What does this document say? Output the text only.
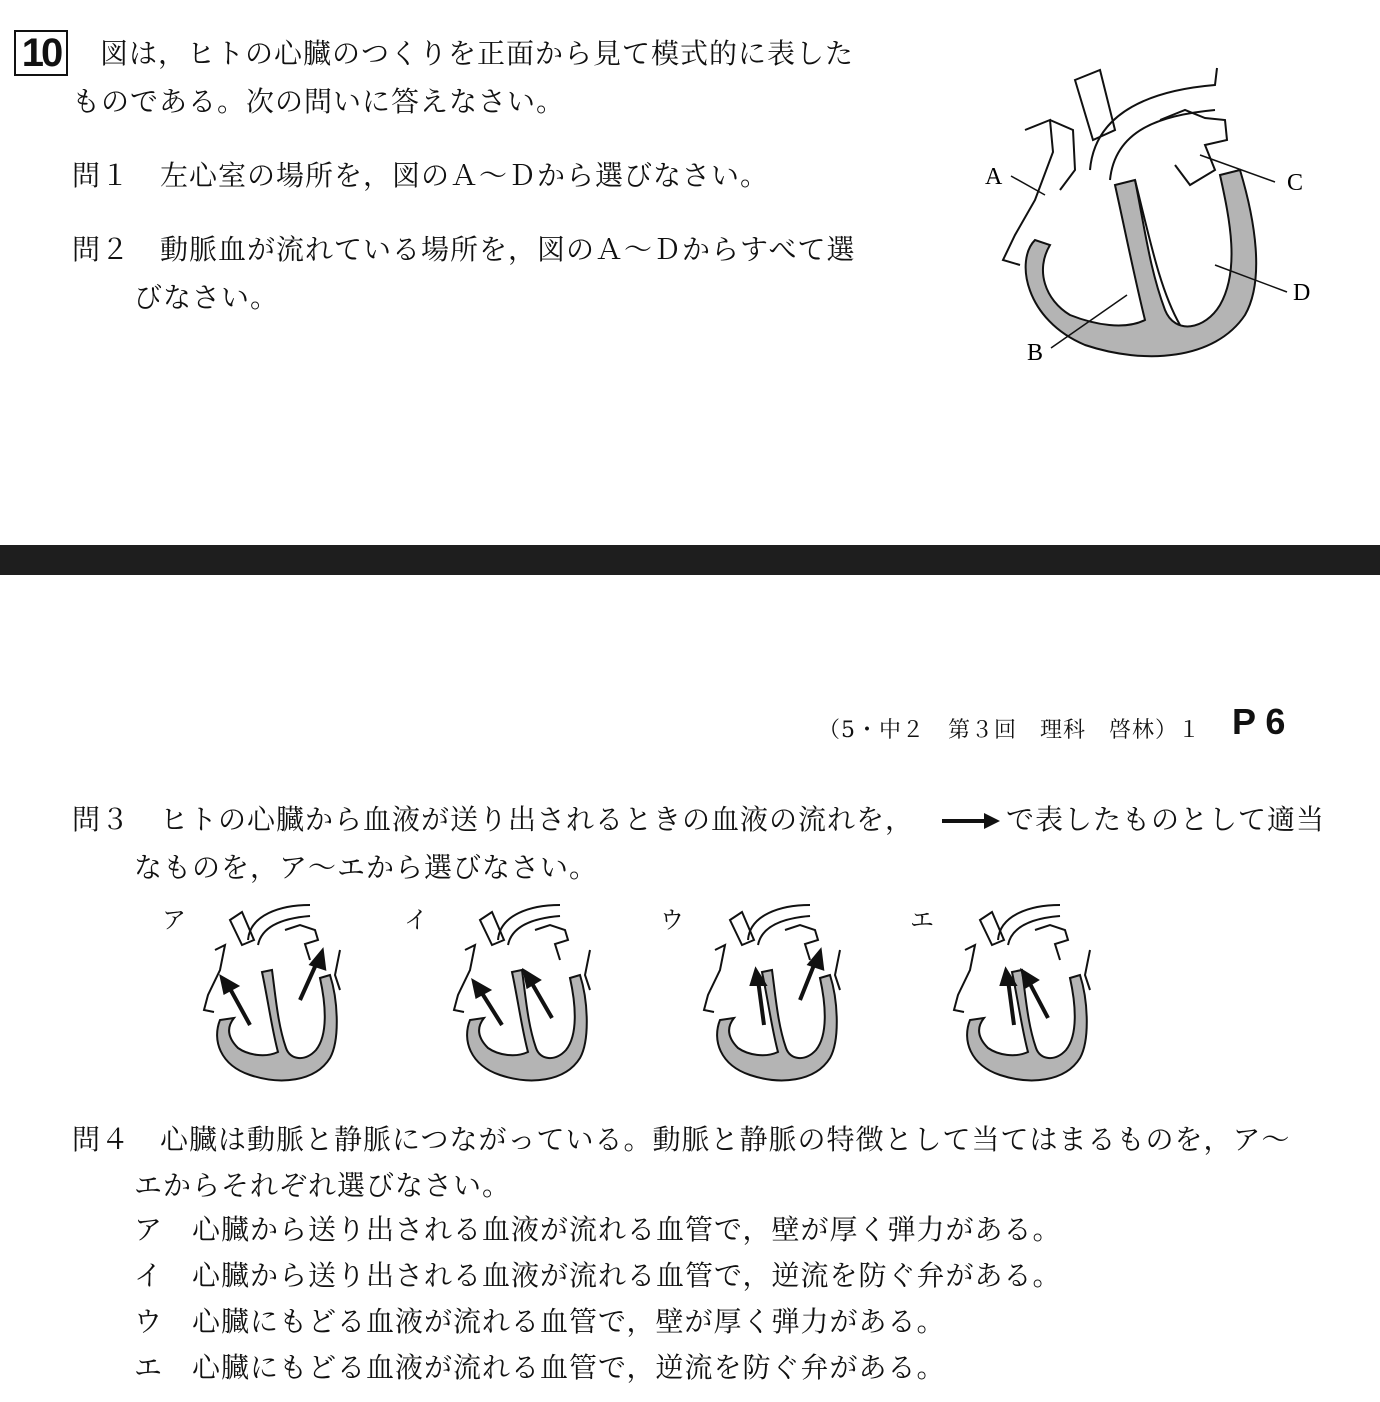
10 図は，ヒトの心臓のつくりを正面から見て模式的に表した
ものである。次の問いに答えなさい。
問１ 左心室の場所を，図のＡ～Ｄから選びなさい。
問２ 動脈血が流れている場所を，図のＡ～Ｄからすべて選
びなさい。
A
B
C
D
（5・中２　第３回　理科　啓林）１ P 6
問３ ヒトの心臓から血液が送り出されるときの血液の流れを，	で表したものとして適当
なものを，ア～エから選びなさい。
ア	イ	ウ	エ
問４ 心臓は動脈と静脈につながっている。動脈と静脈の特徴として当てはまるものを，ア～
エからそれぞれ選びなさい。
ア 心臓から送り出される血液が流れる血管で，壁が厚く弾力がある。
イ 心臓から送り出される血液が流れる血管で，逆流を防ぐ弁がある。
ウ 心臓にもどる血液が流れる血管で，壁が厚く弾力がある。
エ 心臓にもどる血液が流れる血管で，逆流を防ぐ弁がある。
